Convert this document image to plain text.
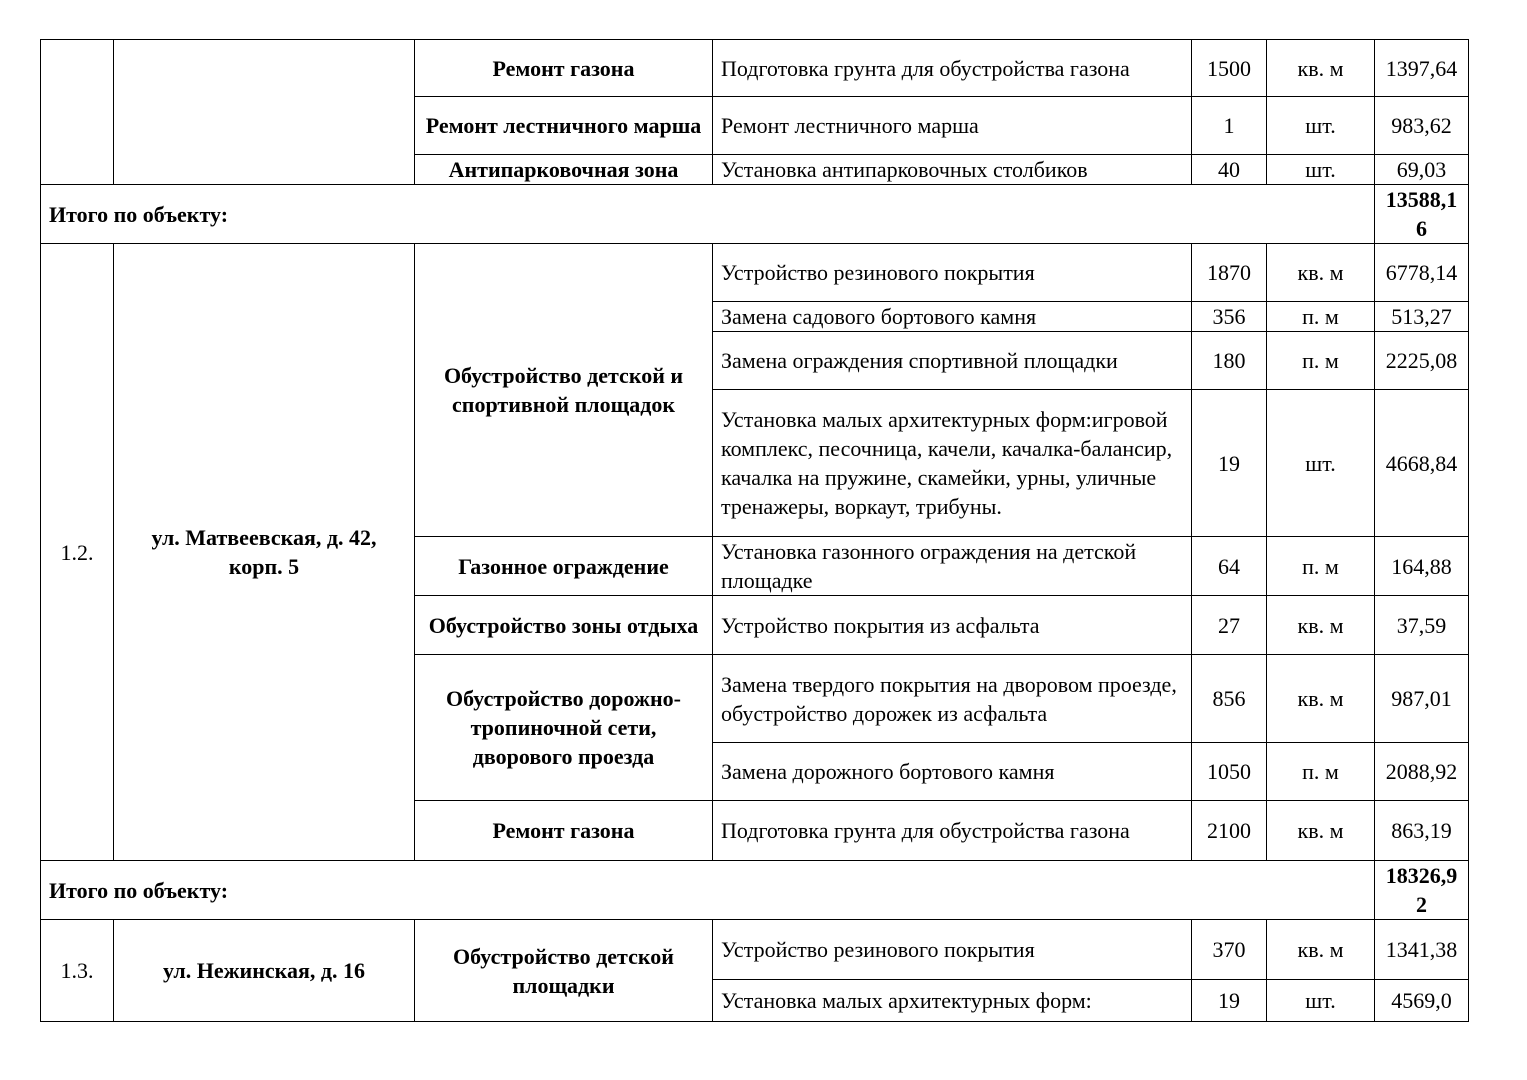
		Ремонт газона	Подготовка грунта для обустройства газона	1500	кв. м	1397,64
		Ремонт лестничного марша	Ремонт лестничного марша	1	шт.	983,62
		Антипарковочная зона	Установка антипарковочных столбиков	40	шт.	69,03
Итого по объекту:						13588,16
1.2.	ул. Матвеевская, д. 42, корп. 5	Обустройство детской и спортивной площадок	Устройство резинового покрытия	1870	кв. м	6778,14
			Замена садового бортового камня	356	п. м	513,27
			Замена ограждения спортивной площадки	180	п. м	2225,08
			Установка малых архитектурных форм:игровой комплекс, песочница, качели, качалка-балансир, качалка на пружине, скамейки, урны, уличные тренажеры, воркаут, трибуны.	19	шт.	4668,84
		Газонное ограждение	Установка газонного ограждения на детской площадке	64	п. м	164,88
		Обустройство зоны отдыха	Устройство покрытия из асфальта	27	кв. м	37,59
		Обустройство дорожно-тропиночной сети, дворового проезда	Замена твердого покрытия на дворовом проезде,
обустройство дорожек из асфальта	856	кв. м	987,01
			Замена дорожного бортового камня	1050	п. м	2088,92
		Ремонт газона	Подготовка грунта для обустройства газона	2100	кв. м	863,19
Итого по объекту:						18326,92
1.3.	ул. Нежинская, д. 16	Обустройство детской площадки	Устройство резинового покрытия	370	кв. м	1341,38
			Установка малых архитектурных форм:	19	шт.	4569,0
